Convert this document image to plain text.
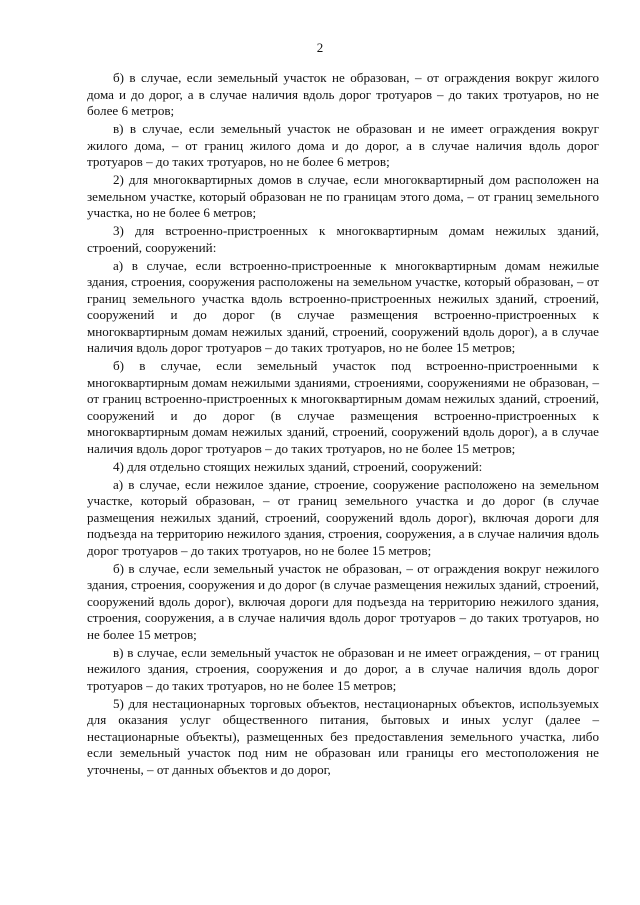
2

б) в случае, если земельный участок не образован, – от ограждения вокруг жилого дома и до дорог, а в случае наличия вдоль дорог тротуаров – до таких тротуаров, но не более 6 метров;

в) в случае, если земельный участок не образован и не имеет ограждения вокруг жилого дома, – от границ жилого дома и до дорог, а в случае наличия вдоль дорог тротуаров – до таких тротуаров, но не более 6 метров;

2) для многоквартирных домов в случае, если многоквартирный дом расположен на земельном участке, который образован не по границам этого дома, – от границ земельного участка, но не более 6 метров;

3) для встроенно-пристроенных к многоквартирным домам нежилых зданий, строений, сооружений:

а) в случае, если встроенно-пристроенные к многоквартирным домам нежилые здания, строения, сооружения расположены на земельном участке, который образован, – от границ земельного участка вдоль встроенно-пристроенных нежилых зданий, строений, сооружений и до дорог (в случае размещения встроенно-пристроенных к многоквартирным домам нежилых зданий, строений, сооружений вдоль дорог), а в случае наличия вдоль дорог тротуаров – до таких тротуаров, но не более 15 метров;

б) в случае, если земельный участок под встроенно-пристроенными к многоквартирным домам нежилыми зданиями, строениями, сооружениями не образован, – от границ встроенно-пристроенных к многоквартирным домам нежилых зданий, строений, сооружений и до дорог (в случае размещения встроенно-пристроенных к многоквартирным домам нежилых зданий, строений, сооружений вдоль дорог), а в случае наличия вдоль дорог тротуаров – до таких тротуаров, но не более 15 метров;

4) для отдельно стоящих нежилых зданий, строений, сооружений:

а) в случае, если нежилое здание, строение, сооружение расположено на земельном участке, который образован, – от границ земельного участка и до дорог (в случае размещения нежилых зданий, строений, сооружений вдоль дорог), включая дороги для подъезда на территорию нежилого здания, строения, сооружения, а в случае наличия вдоль дорог тротуаров – до таких тротуаров, но не более 15 метров;

б) в случае, если земельный участок не образован, – от ограждения вокруг нежилого здания, строения, сооружения и до дорог (в случае размещения нежилых зданий, строений, сооружений вдоль дорог), включая дороги для подъезда на территорию нежилого здания, строения, сооружения, а в случае наличия вдоль дорог тротуаров – до таких тротуаров, но не более 15 метров;

в) в случае, если земельный участок не образован и не имеет ограждения, – от границ нежилого здания, строения, сооружения и до дорог, а в случае наличия вдоль дорог тротуаров – до таких тротуаров, но не более 15 метров;

5) для нестационарных торговых объектов, нестационарных объектов, используемых для оказания услуг общественного питания, бытовых и иных услуг (далее – нестационарные объекты), размещенных без предоставления земельного участка, либо если земельный участок под ним не образован или границы его местоположения не уточнены, – от данных объектов и до дорог,
